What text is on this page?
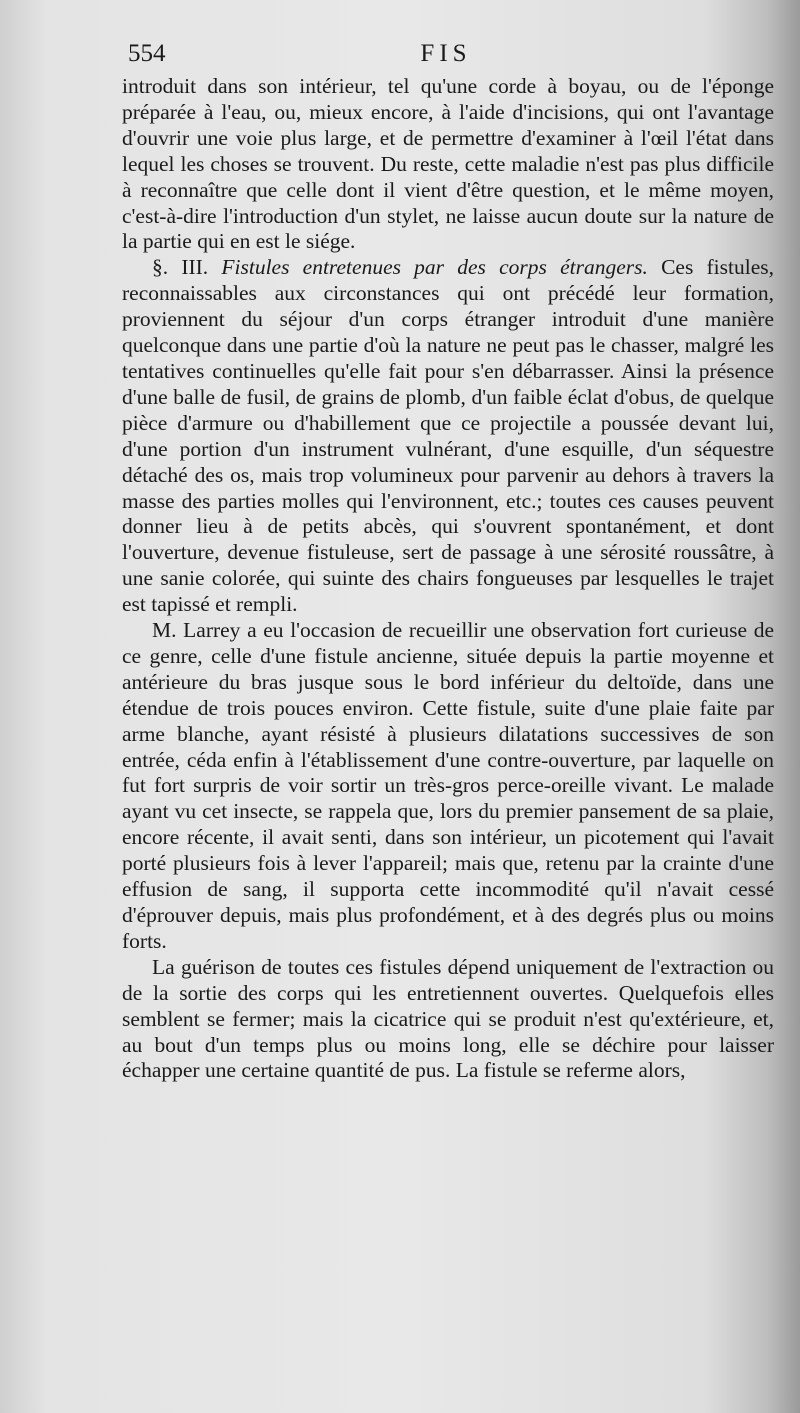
554	FIS

introduit dans son intérieur, tel qu'une corde à boyau, ou de l'éponge préparée à l'eau, ou, mieux encore, à l'aide d'incisions, qui ont l'avantage d'ouvrir une voie plus large, et de permettre d'examiner à l'œil l'état dans lequel les choses se trouvent. Du reste, cette maladie n'est pas plus difficile à reconnaître que celle dont il vient d'être question, et le même moyen, c'est-à-dire l'introduction d'un stylet, ne laisse aucun doute sur la nature de la partie qui en est le siége.

§. III. Fistules entretenues par des corps étrangers. Ces fistules, reconnaissables aux circonstances qui ont précédé leur formation, proviennent du séjour d'un corps étranger introduit d'une manière quelconque dans une partie d'où la nature ne peut pas le chasser, malgré les tentatives continuelles qu'elle fait pour s'en débarrasser. Ainsi la présence d'une balle de fusil, de grains de plomb, d'un faible éclat d'obus, de quelque pièce d'armure ou d'habillement que ce projectile a poussée devant lui, d'une portion d'un instrument vulnérant, d'une esquille, d'un séquestre détaché des os, mais trop volumineux pour parvenir au dehors à travers la masse des parties molles qui l'environnent, etc.; toutes ces causes peuvent donner lieu à de petits abcès, qui s'ouvrent spontanément, et dont l'ouverture, devenue fistuleuse, sert de passage à une sérosité roussâtre, à une sanie colorée, qui suinte des chairs fongueuses par lesquelles le trajet est tapissé et rempli.

M. Larrey a eu l'occasion de recueillir une observation fort curieuse de ce genre, celle d'une fistule ancienne, située depuis la partie moyenne et antérieure du bras jusque sous le bord inférieur du deltoïde, dans une étendue de trois pouces environ. Cette fistule, suite d'une plaie faite par arme blanche, ayant résisté à plusieurs dilatations successives de son entrée, céda enfin à l'établissement d'une contre-ouverture, par laquelle on fut fort surpris de voir sortir un très-gros perce-oreille vivant. Le malade ayant vu cet insecte, se rappela que, lors du premier pansement de sa plaie, encore récente, il avait senti, dans son intérieur, un picotement qui l'avait porté plusieurs fois à lever l'appareil; mais que, retenu par la crainte d'une effusion de sang, il supporta cette incommodité qu'il n'avait cessé d'éprouver depuis, mais plus profondément, et à des degrés plus ou moins forts.

La guérison de toutes ces fistules dépend uniquement de l'extraction ou de la sortie des corps qui les entretiennent ouvertes. Quelquefois elles semblent se fermer; mais la cicatrice qui se produit n'est qu'extérieure, et, au bout d'un temps plus ou moins long, elle se déchire pour laisser échapper une certaine quantité de pus. La fistule se referme alors,
